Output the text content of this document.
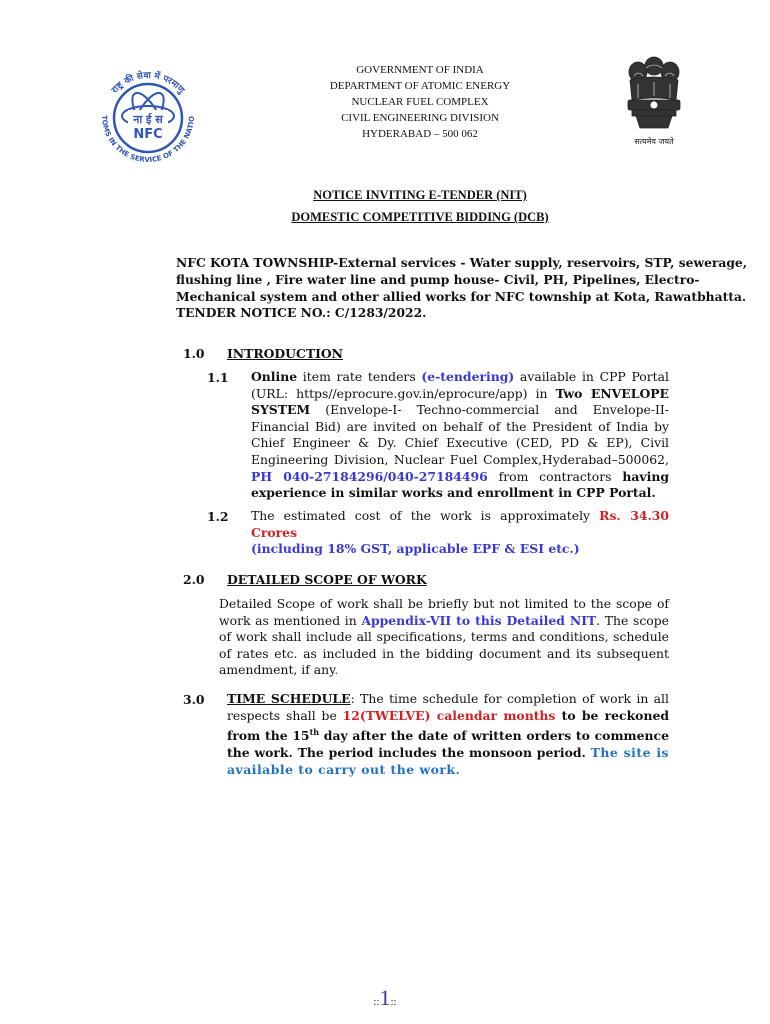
ना ई स
NFC
राष्ट्र की सेवा में परमाणु
TOMS IN THE SERVICE OF THE NATIO
सत्यमेव जयते
GOVERNMENT OF INDIA
DEPARTMENT OF ATOMIC ENERGY
NUCLEAR FUEL COMPLEX
CIVIL ENGINEERING DIVISION
HYDERABAD – 500 062
NOTICE INVITING E-TENDER (NIT)
DOMESTIC COMPETITIVE BIDDING (DCB)
NFC KOTA TOWNSHIP-External services - Water supply, reservoirs, STP, sewerage,
flushing line , Fire water line and pump house- Civil, PH, Pipelines, Electro-
Mechanical system and other allied works for NFC township at Kota, Rawatbhatta.
TENDER NOTICE NO.: C/1283/2022.
1.0 INTRODUCTION
1.1 Online item rate tenders (e-tendering) available in CPP Portal (URL: https//eprocure.gov.in/eprocure/app) in Two ENVELOPE SYSTEM (Envelope-I- Techno-commercial and Envelope-II-Financial Bid) are invited on behalf of the President of India by Chief Engineer & Dy. Chief Executive (CED, PD & EP), Civil Engineering Division, Nuclear Fuel Complex,Hyderabad–500062, PH 040-27184296/040-27184496 from contractors having experience in similar works and enrollment in CPP Portal.
1.2 The estimated cost of the work is approximately Rs. 34.30 Crores
(including 18% GST, applicable EPF & ESI etc.)
2.0 DETAILED SCOPE OF WORK
Detailed Scope of work shall be briefly but not limited to the scope of work as mentioned in Appendix-VII to this Detailed NIT. The scope of work shall include all specifications, terms and conditions, schedule of rates etc. as included in the bidding document and its subsequent amendment, if any.
3.0 TIME SCHEDULE: The time schedule for completion of work in all respects shall be 12(TWELVE) calendar months to be reckoned from the 15th day after the date of written orders to commence the work. The period includes the monsoon period. The site is available to carry out the work.
::1::
